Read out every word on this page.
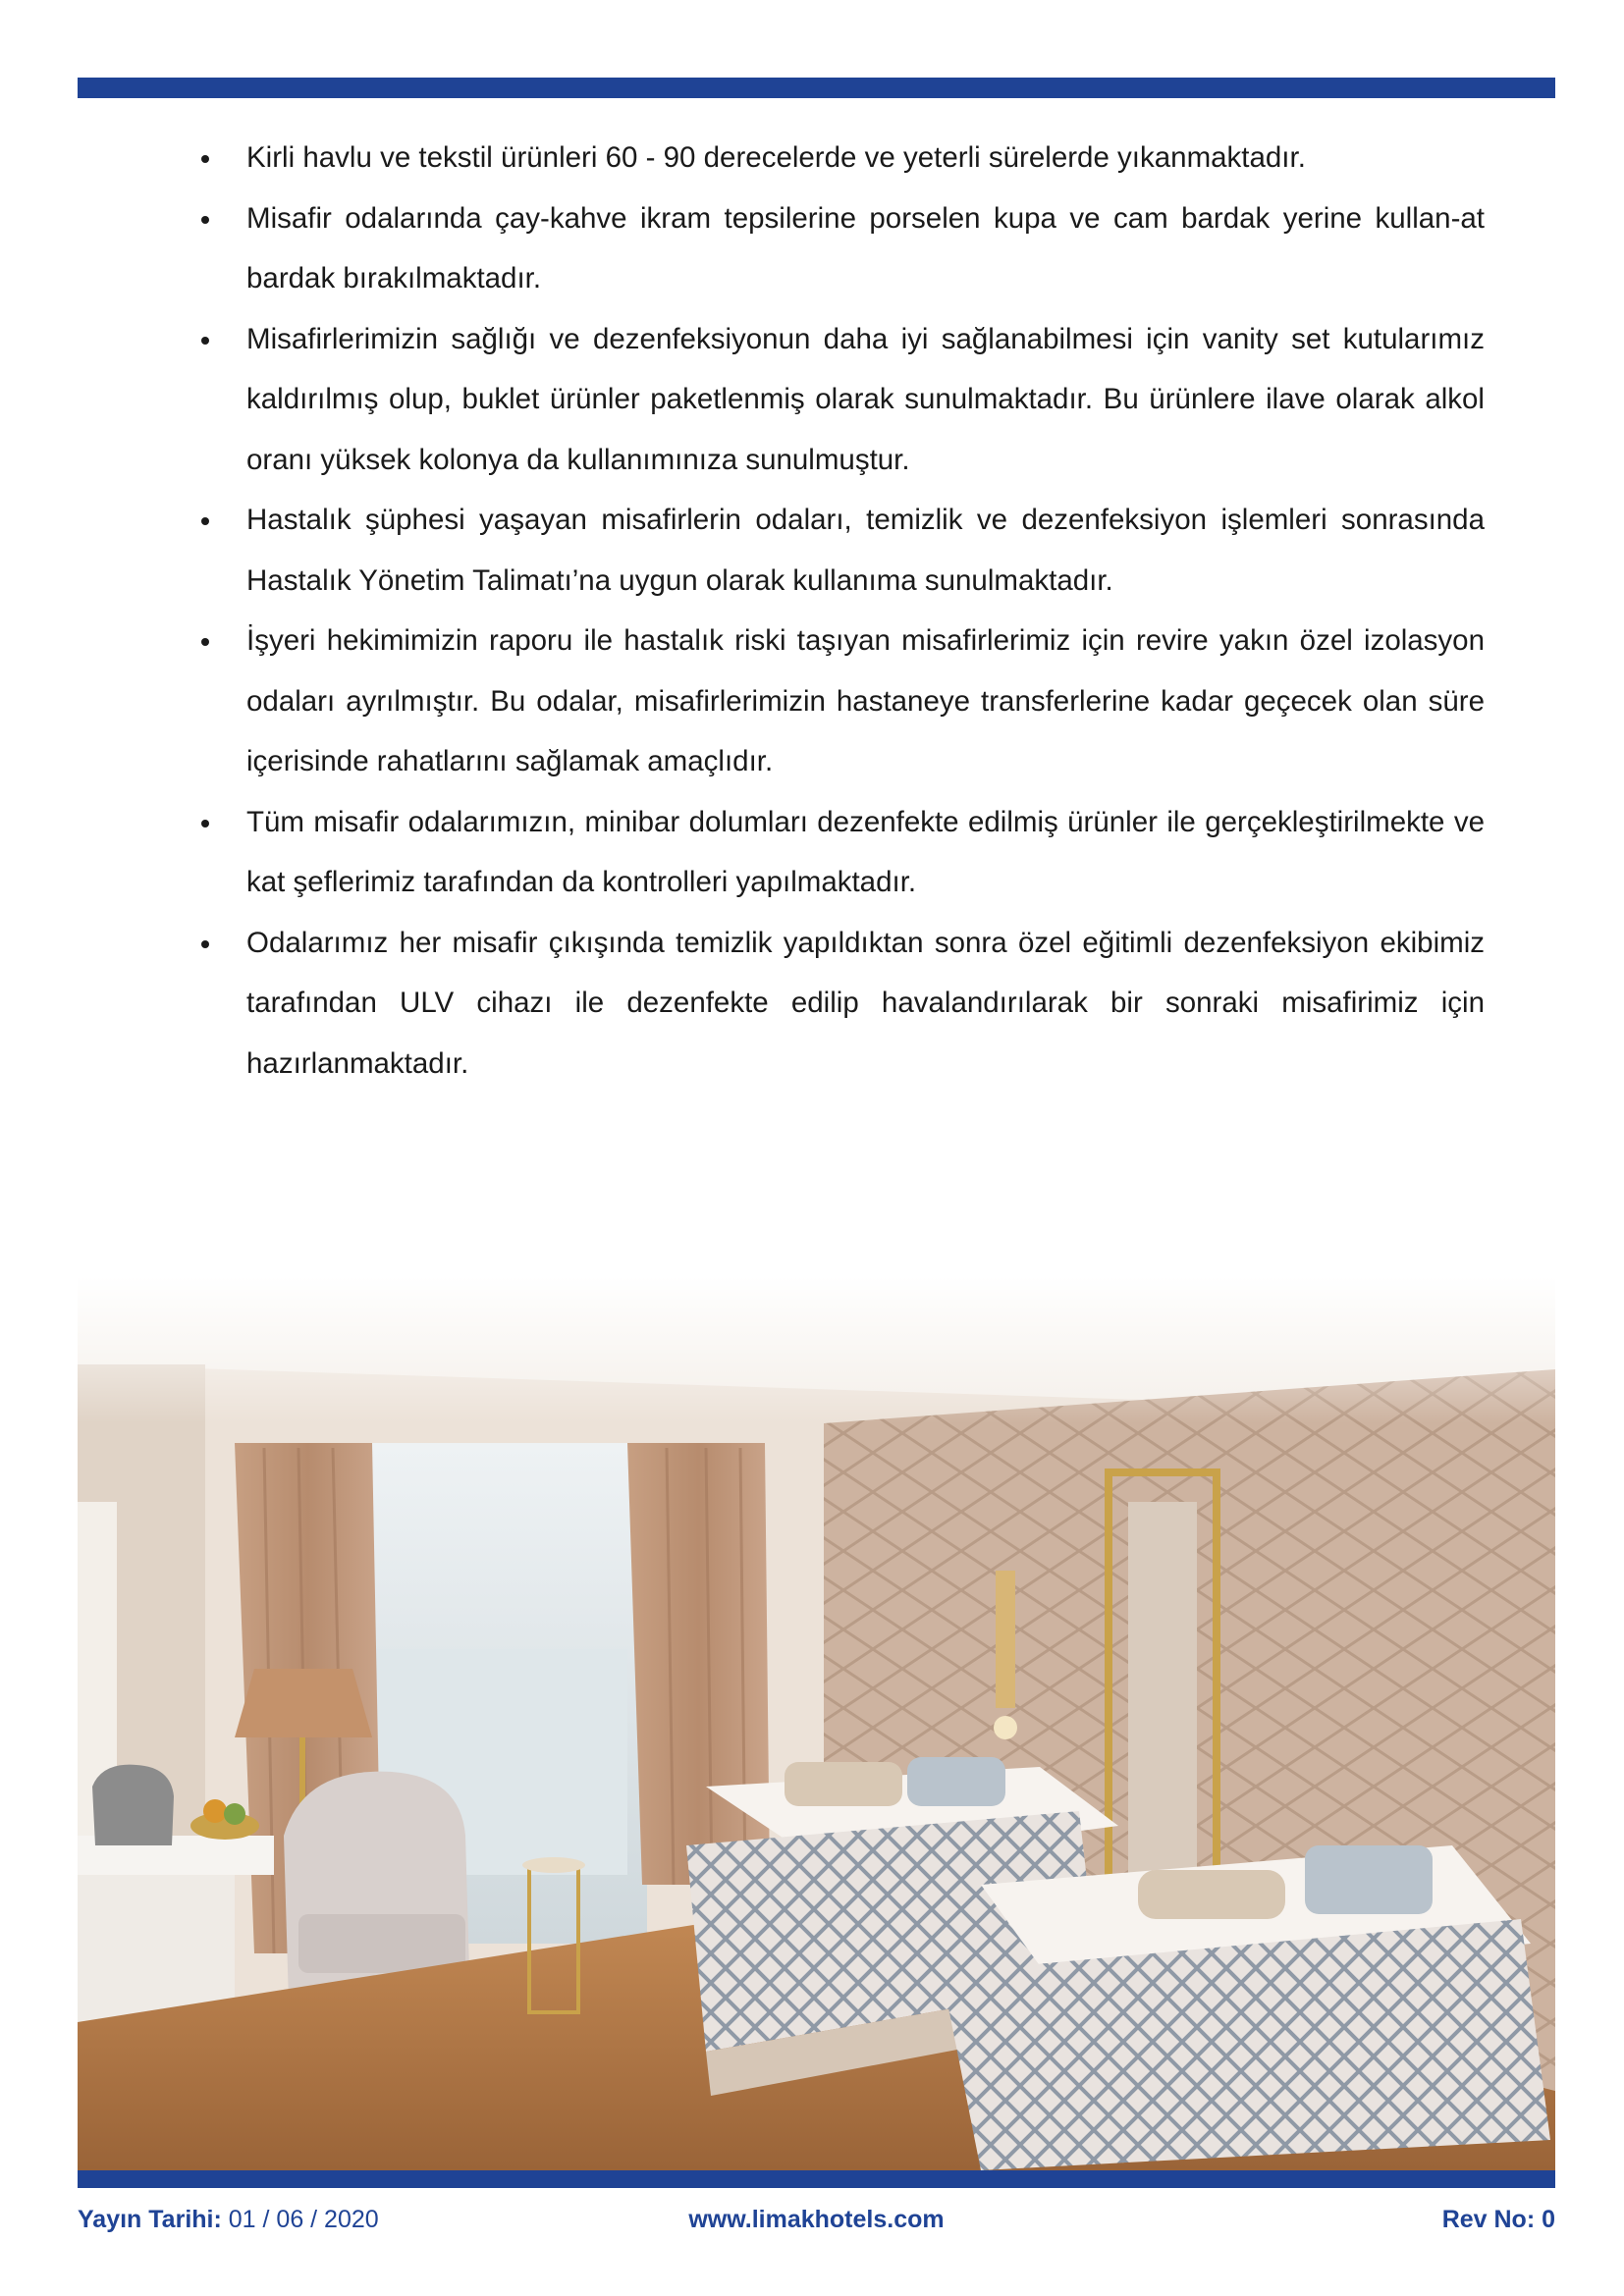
Kirli havlu ve tekstil ürünleri 60 - 90 derecelerde ve yeterli sürelerde yıkanmaktadır.
Misafir odalarında çay-kahve ikram tepsilerine porselen kupa ve cam bardak yerine kullan-at bardak bırakılmaktadır.
Misafirlerimizin sağlığı ve dezenfeksiyonun daha iyi sağlanabilmesi için vanity set kutularımız kaldırılmış olup, buklet ürünler paketlenmiş olarak sunulmaktadır. Bu ürünlere ilave olarak alkol oranı yüksek kolonya da kullanımınıza sunulmuştur.
Hastalık şüphesi yaşayan misafirlerin odaları, temizlik ve dezenfeksiyon işlemleri sonrasında Hastalık Yönetim Talimatı’na uygun olarak kullanıma sunulmaktadır.
İşyeri hekimimizin raporu ile hastalık riski taşıyan misafirlerimiz için revire yakın özel izolasyon odaları ayrılmıştır. Bu odalar, misafirlerimizin hastaneye transferlerine kadar geçecek olan süre içerisinde rahatlarını sağlamak amaçlıdır.
Tüm misafir odalarımızın, minibar dolumları dezenfekte edilmiş ürünler ile gerçekleştirilmekte ve kat şeflerimiz tarafından da kontrolleri yapılmaktadır.
Odalarımız her misafir çıkışında temizlik yapıldıktan sonra özel eğitimli dezenfeksiyon ekibimiz tarafından ULV cihazı ile dezenfekte edilip havalandırılarak bir sonraki misafirimiz için hazırlanmaktadır.
Yayın Tarihi: 01 / 06 / 2020	www.limakhotels.com	Rev No: 0
